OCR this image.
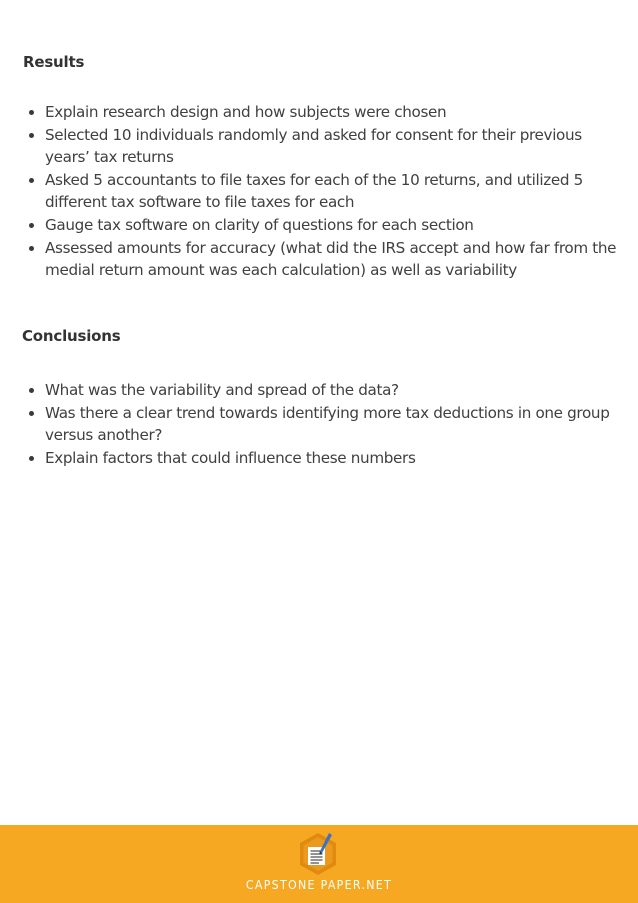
Results
Explain research design and how subjects were chosen
Selected 10 individuals randomly and asked for consent for their previous years’ tax returns
Asked 5 accountants to file taxes for each of the 10 returns, and utilized 5 different tax software to file taxes for each
Gauge tax software on clarity of questions for each section
Assessed amounts for accuracy (what did the IRS accept and how far from the medial return amount was each calculation) as well as variability
Conclusions
What was the variability and spread of the data?
Was there a clear trend towards identifying more tax deductions in one group versus another?
Explain factors that could influence these numbers
CAPSTONE PAPER.NET
